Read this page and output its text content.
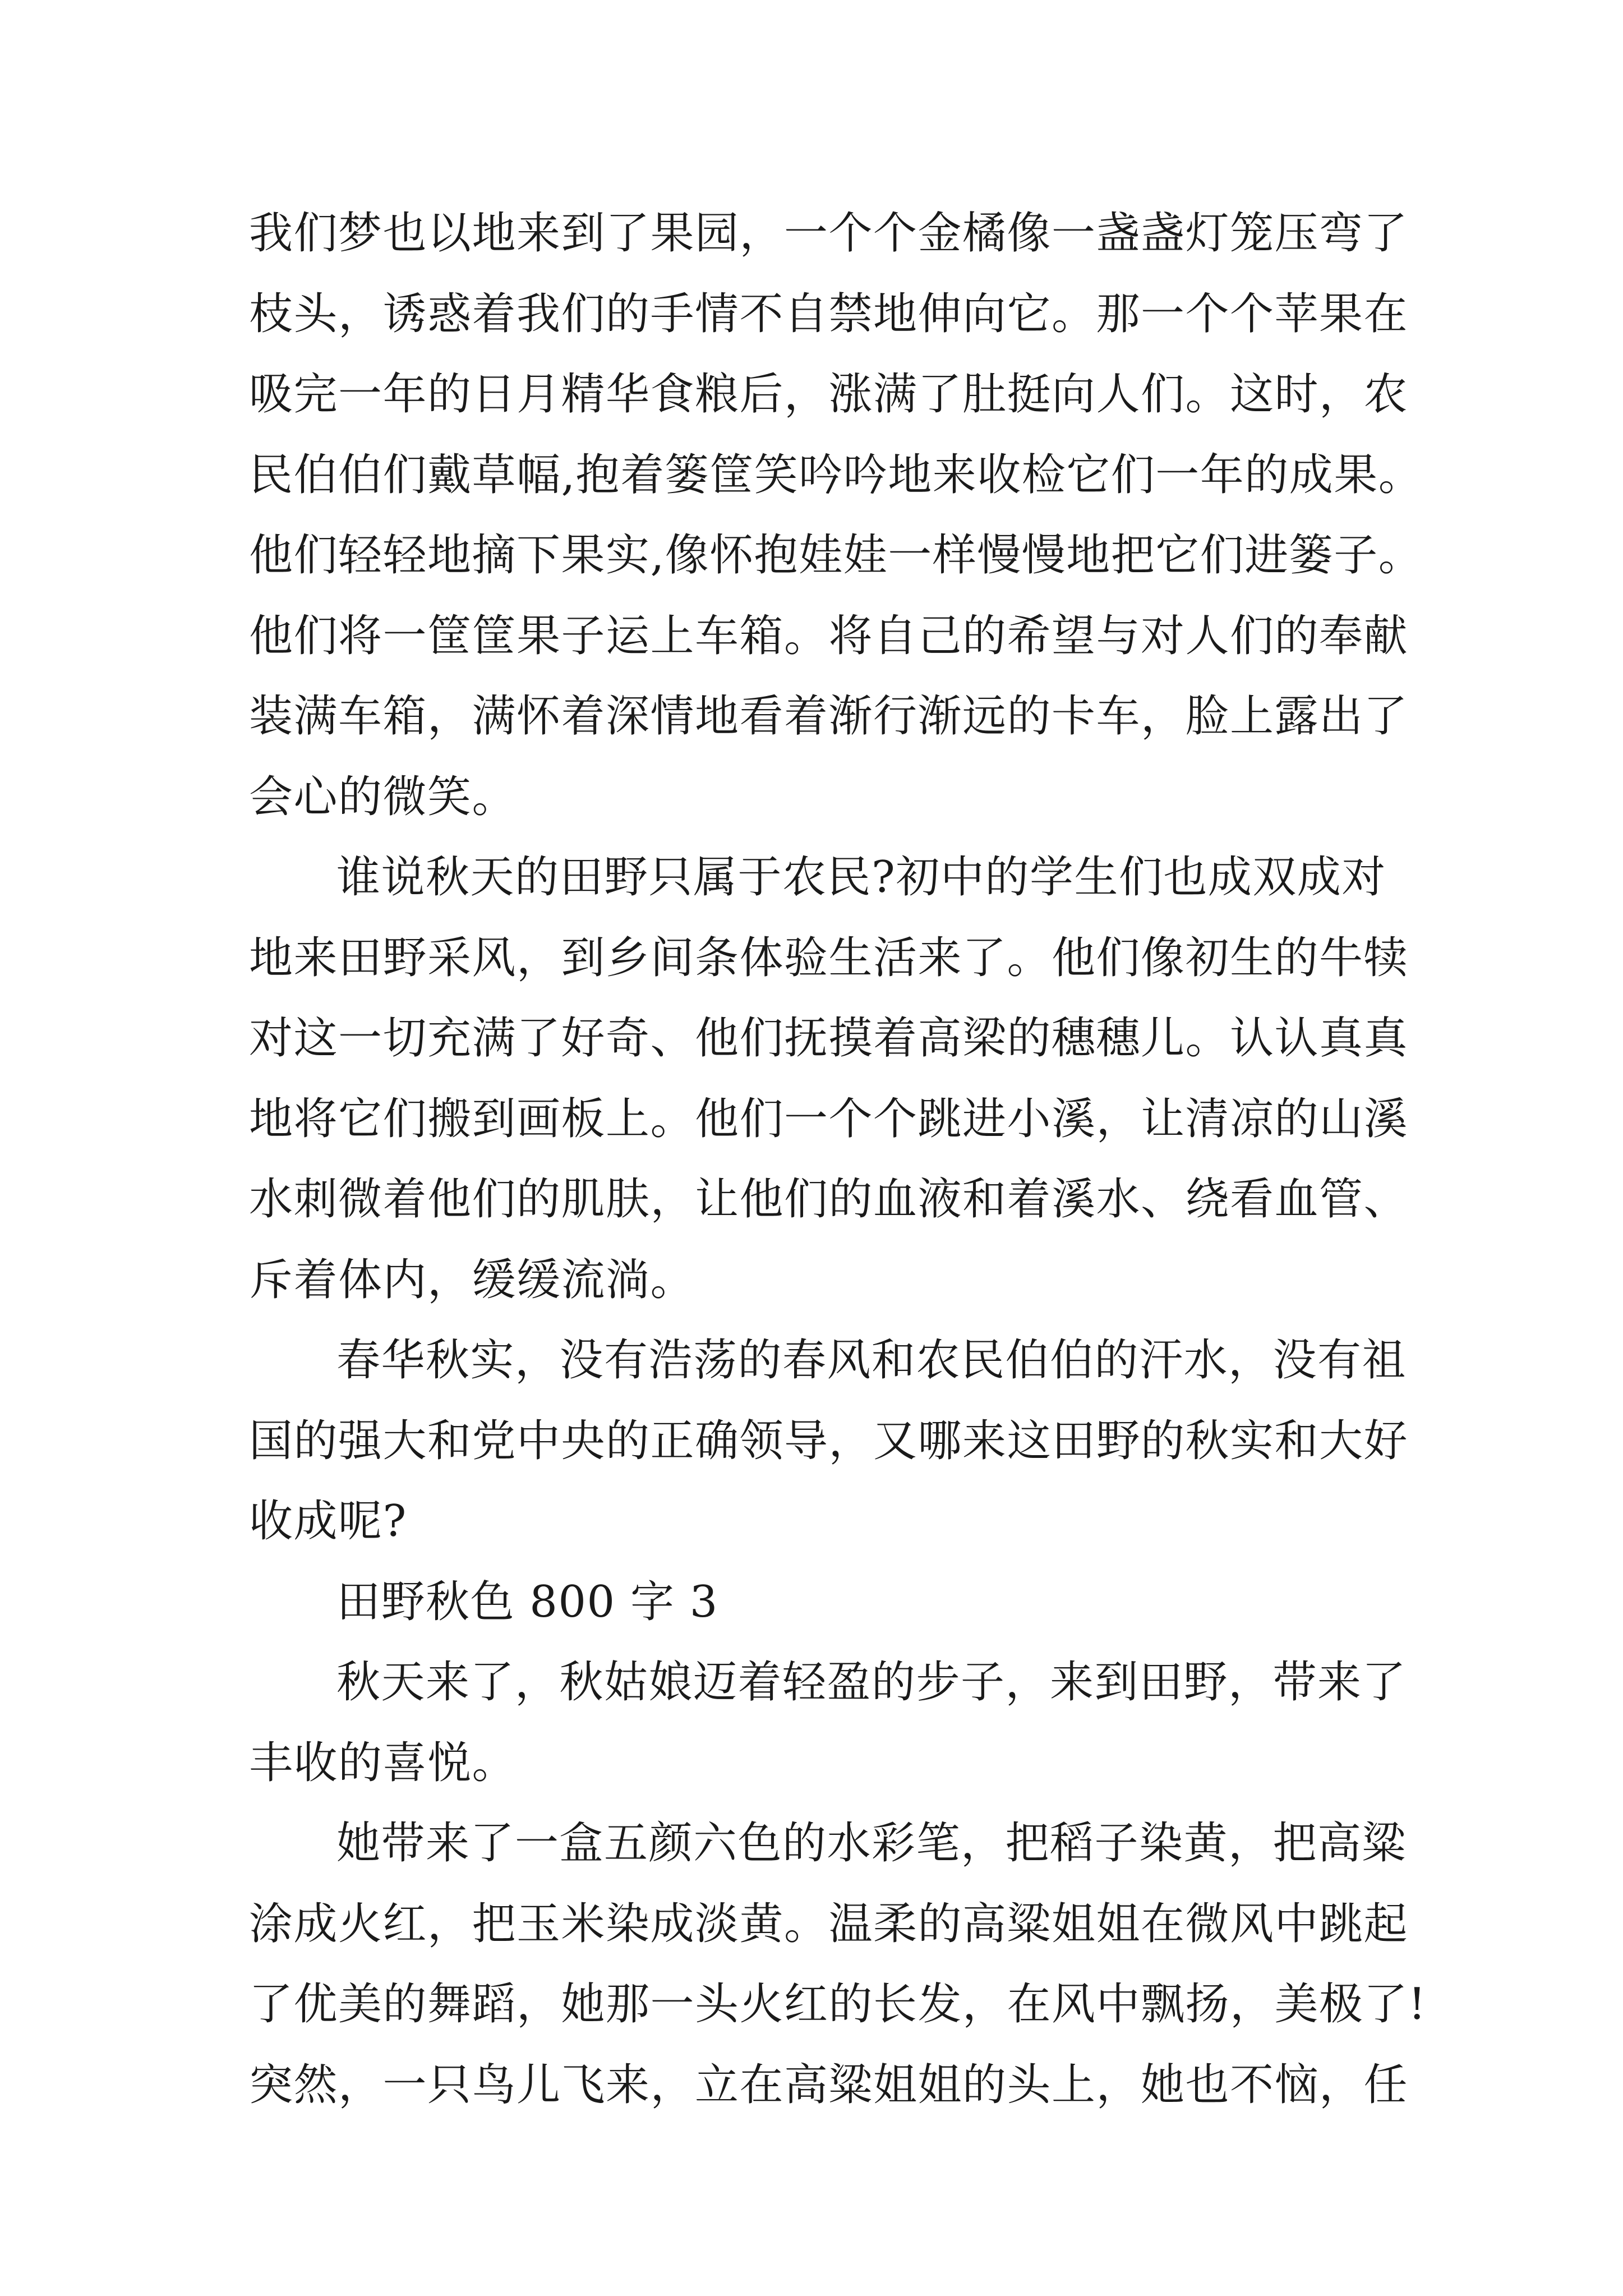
我们梦也以地来到了果园，一个个金橘像一盏盏灯笼压弯了
枝头，诱惑着我们的手情不自禁地伸向它。那一个个苹果在
吸完一年的日月精华食粮后，涨满了肚挺向人们。这时，农
民伯伯们戴草幅,抱着篓筐笑吟吟地来收检它们一年的成果。
他们轻轻地摘下果实,像怀抱娃娃一样慢慢地把它们进篓子。
他们将一筐筐果子运上车箱。将自己的希望与对人们的奉献
装满车箱，满怀着深情地看着渐行渐远的卡车，脸上露出了
会心的微笑。
谁说秋天的田野只属于农民?初中的学生们也成双成对
地来田野采风，到乡间条体验生活来了。他们像初生的牛犊
对这一切充满了好奇、他们抚摸着高梁的穗穗儿。认认真真
地将它们搬到画板上。他们一个个跳进小溪，让清凉的山溪
水刺微着他们的肌肤，让他们的血液和着溪水、绕看血管、
斥着体内，缓缓流淌。
春华秋实，没有浩荡的春风和农民伯伯的汗水，没有祖
国的强大和党中央的正确领导，又哪来这田野的秋实和大好
收成呢?
田野秋色 800 字 3
秋天来了，秋姑娘迈着轻盈的步子，来到田野，带来了
丰收的喜悦。
她带来了一盒五颜六色的水彩笔，把稻子染黄，把高粱
涂成火红，把玉米染成淡黄。温柔的高粱姐姐在微风中跳起
了优美的舞蹈，她那一头火红的长发，在风中飘扬，美极了!
突然，一只鸟儿飞来，立在高粱姐姐的头上，她也不恼，任
